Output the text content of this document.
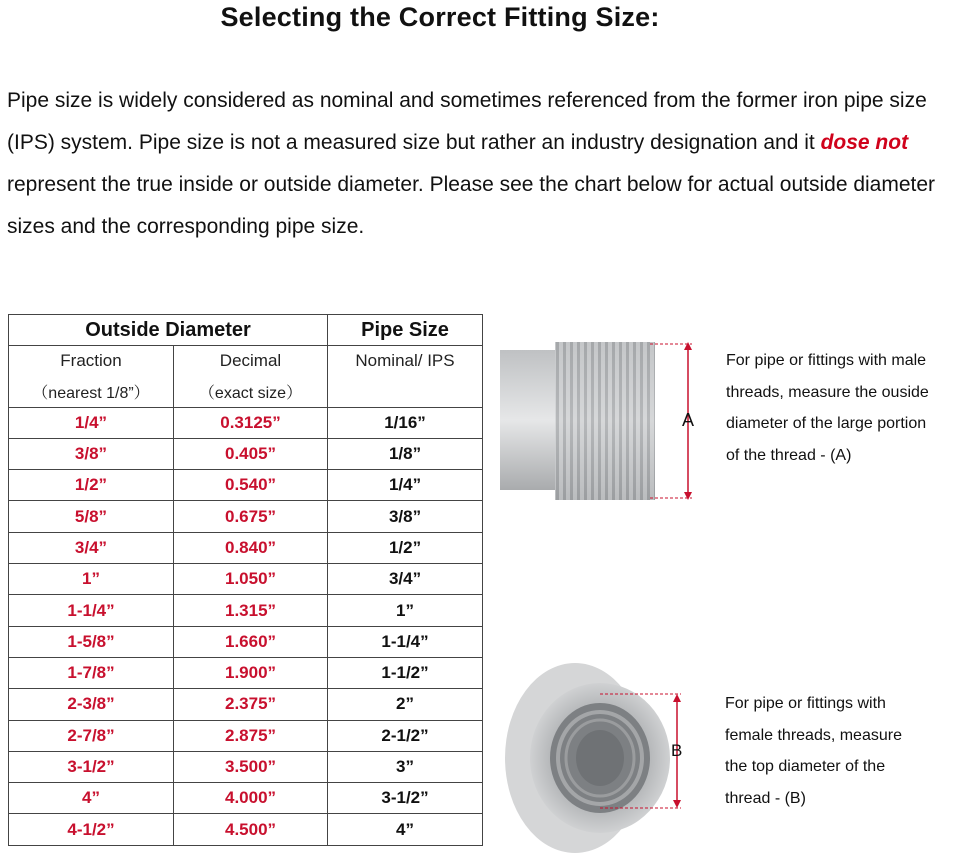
Selecting the Correct Fitting Size:
Pipe size is widely considered as nominal and sometimes referenced from the former iron pipe size (IPS) system. Pipe size is not a measured size but rather an industry designation and it dose not represent the true inside or outside diameter. Please see the chart below for actual outside diameter sizes and the corresponding pipe size.
Outside Diameter		Pipe Size
Fraction	Decimal	Nominal/ IPS
（nearest 1/8”）	（exact size）	
1/4”	0.3125”	1/16”
3/8”	0.405”	1/8”
1/2”	0.540”	1/4”
5/8”	0.675”	3/8”
3/4”	0.840”	1/2”
1”	1.050”	3/4”
1-1/4”	1.315”	1”
1-5/8”	1.660”	1-1/4”
1-7/8”	1.900”	1-1/2”
2-3/8”	2.375”	2”
2-7/8”	2.875”	2-1/2”
3-1/2”	3.500”	3”
4”	4.000”	3-1/2”
4-1/2”	4.500”	4”
A
For pipe or fittings with male
threads, measure the ouside
diameter of the large portion
of the thread - (A)
B
For pipe or fittings with
female threads, measure
the top diameter of the
thread - (B)
